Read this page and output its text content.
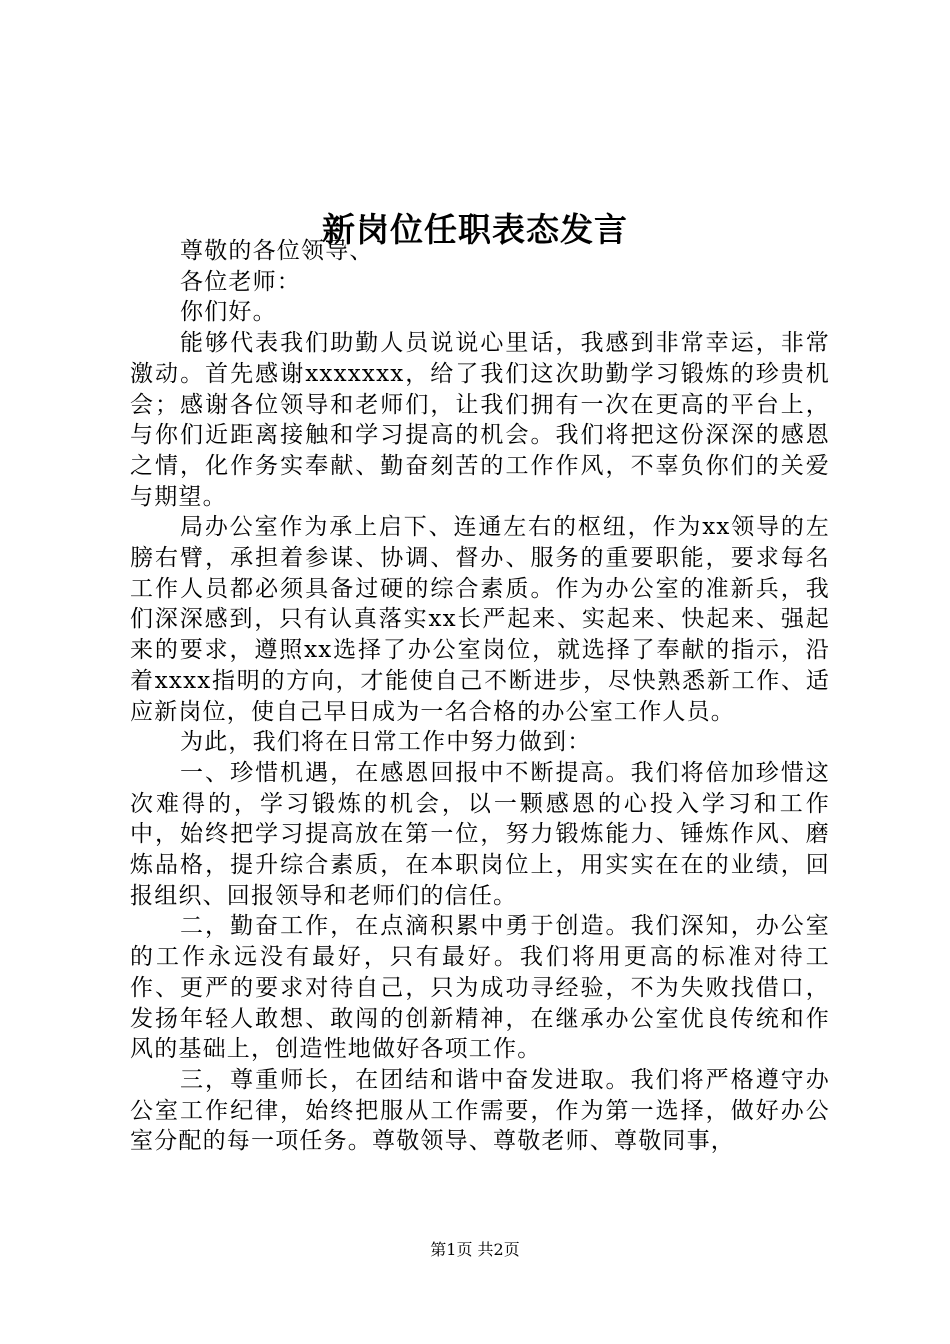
新岗位任职表态发言

尊敬的各位领导、

各位老师：

你们好。

能够代表我们助勤人员说说心里话，我感到非常幸运，非常激动。首先感谢xxxxxxx，给了我们这次助勤学习锻炼的珍贵机会；感谢各位领导和老师们，让我们拥有一次在更高的平台上，与你们近距离接触和学习提高的机会。我们将把这份深深的感恩之情，化作务实奉献、勤奋刻苦的工作作风，不辜负你们的关爱与期望。

局办公室作为承上启下、连通左右的枢纽，作为xx领导的左膀右臂，承担着参谋、协调、督办、服务的重要职能，要求每名工作人员都必须具备过硬的综合素质。作为办公室的准新兵，我们深深感到，只有认真落实xx长严起来、实起来、快起来、强起来的要求，遵照xx选择了办公室岗位，就选择了奉献的指示，沿着xxxx指明的方向，才能使自己不断进步，尽快熟悉新工作、适应新岗位，使自己早日成为一名合格的办公室工作人员。

为此，我们将在日常工作中努力做到：

一、珍惜机遇，在感恩回报中不断提高。我们将倍加珍惜这次难得的，学习锻炼的机会，以一颗感恩的心投入学习和工作中，始终把学习提高放在第一位，努力锻炼能力、锤炼作风、磨炼品格，提升综合素质，在本职岗位上，用实实在在的业绩，回报组织、回报领导和老师们的信任。

二，勤奋工作，在点滴积累中勇于创造。我们深知，办公室的工作永远没有最好，只有最好。我们将用更高的标准对待工作、更严的要求对待自己，只为成功寻经验，不为失败找借口，发扬年轻人敢想、敢闯的创新精神，在继承办公室优良传统和作风的基础上，创造性地做好各项工作。

三，尊重师长，在团结和谐中奋发进取。我们将严格遵守办公室工作纪律，始终把服从工作需要，作为第一选择，做好办公室分配的每一项任务。尊敬领导、尊敬老师、尊敬同事，

第1页 共2页
